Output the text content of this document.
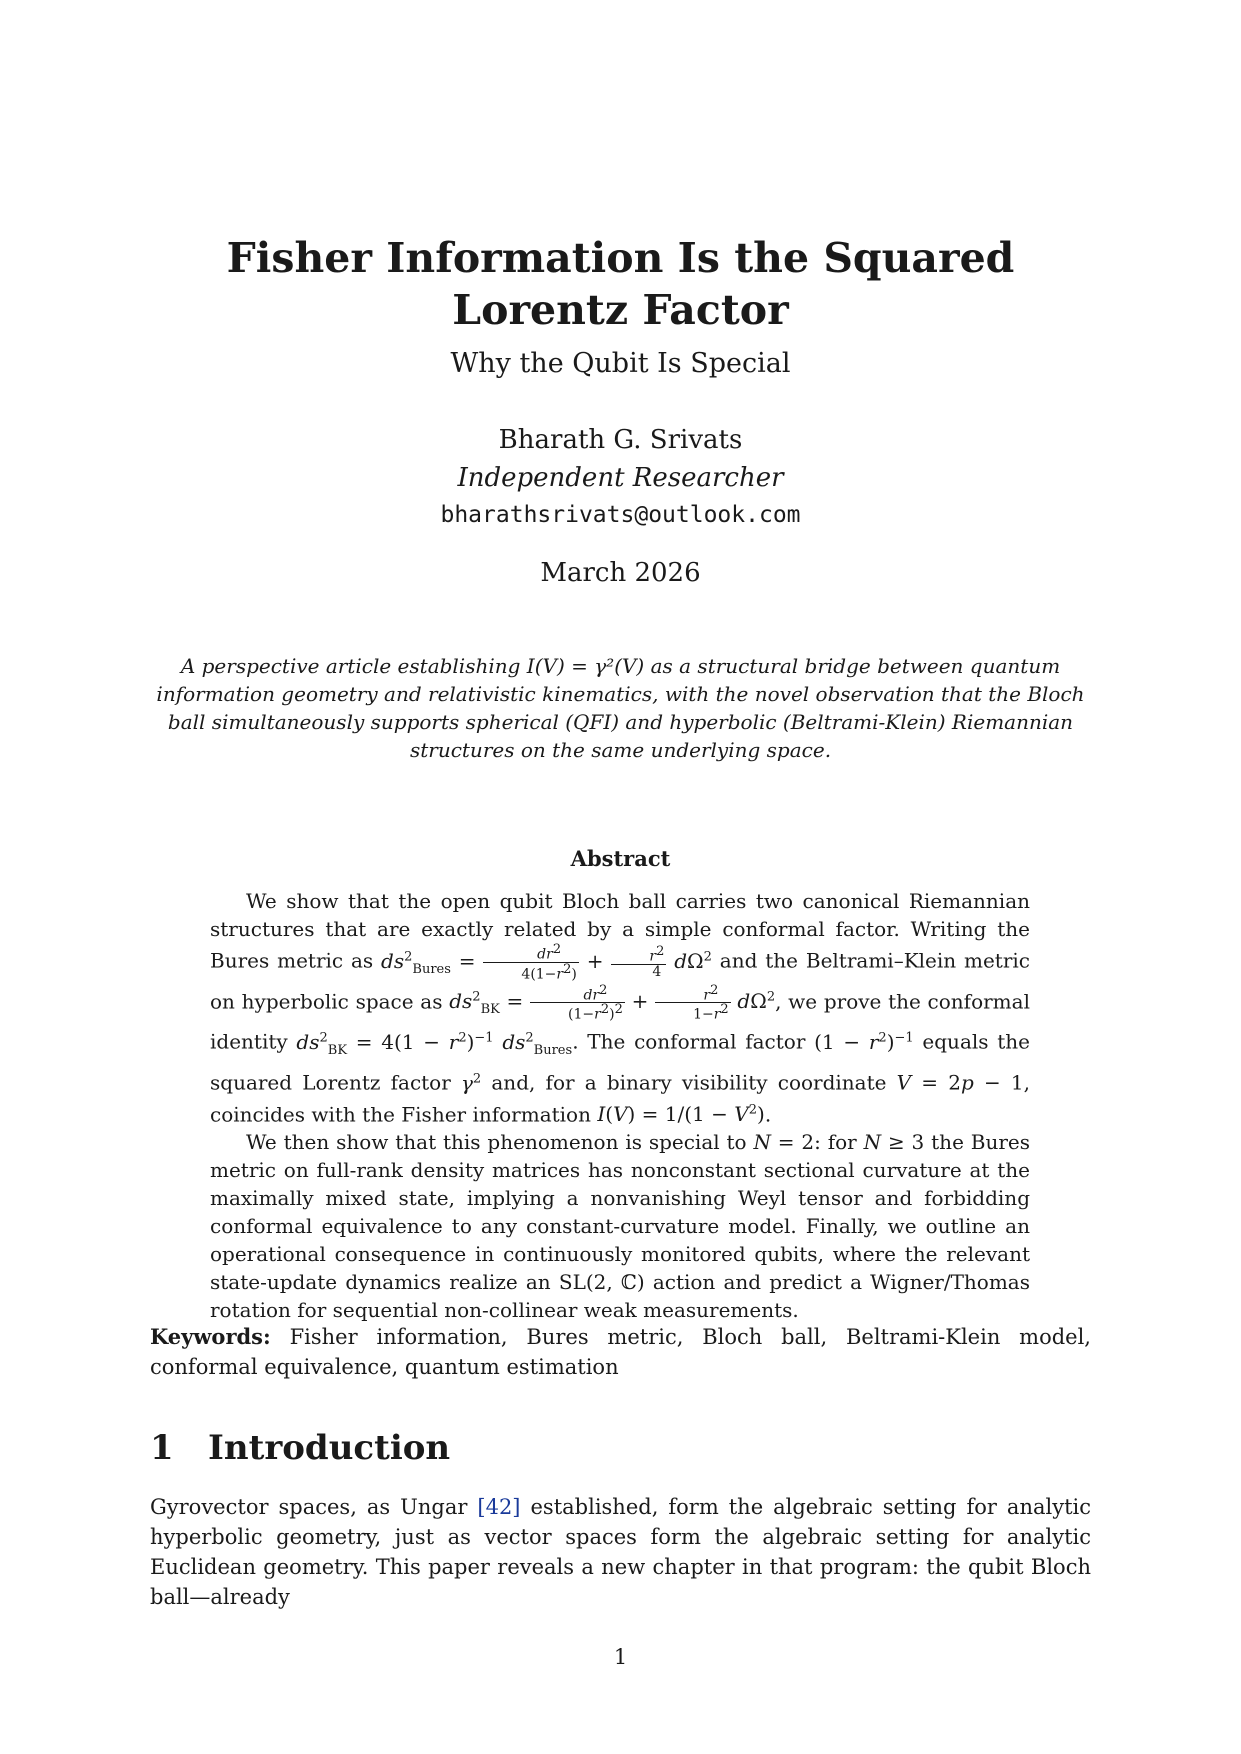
Fisher Information Is the Squared Lorentz Factor
Why the Qubit Is Special
Bharath G. Srivats
Independent Researcher
bharathsrivats@outlook.com
March 2026
A perspective article establishing I(V) = γ²(V) as a structural bridge between quantum information geometry and relativistic kinematics, with the novel observation that the Bloch ball simultaneously supports spherical (QFI) and hyperbolic (Beltrami-Klein) Riemannian structures on the same underlying space.
Abstract

We show that the open qubit Bloch ball carries two canonical Riemannian structures that are exactly related by a simple conformal factor. Writing the Bures metric as $ds^2_{Bures} = \frac{dr^2}{4(1-r^2)} + \frac{r^2}{4} d\Omega^2$ and the Beltrami–Klein metric on hyperbolic space as $ds^2_{BK} = \frac{dr^2}{(1-r^2)^2} + \frac{r^2}{1-r^2} d\Omega^2$, we prove the conformal identity $ds^2_{BK} = 4(1 - r^2)^{-1}$ $ds^2_{Bures}$. The conformal factor $(1 - r^2)^{-1}$ equals the squared Lorentz factor $\gamma^2$ and, for a binary visibility coordinate V = 2p − 1, coincides with the Fisher information $I(V) = 1/(1 - V^2)$.

We then show that this phenomenon is special to N = 2: for N ≥ 3 the Bures metric on full-rank density matrices has nonconstant sectional curvature at the maximally mixed state, implying a nonvanishing Weyl tensor and forbidding conformal equivalence to any constant-curvature model. Finally, we outline an operational consequence in continuously monitored qubits, where the relevant state-update dynamics realize an SL(2, ℂ) action and predict a Wigner/Thomas rotation for sequential non-collinear weak measurements.

Keywords: Fisher information, Bures metric, Bloch ball, Beltrami-Klein model, conformal equivalence, quantum estimation
1 Introduction
Gyrovector spaces, as Ungar [42] established, form the algebraic setting for analytic hyperbolic geometry, just as vector spaces form the algebraic setting for analytic Euclidean geometry. This paper reveals a new chapter in that program: the qubit Bloch ball—already
1
